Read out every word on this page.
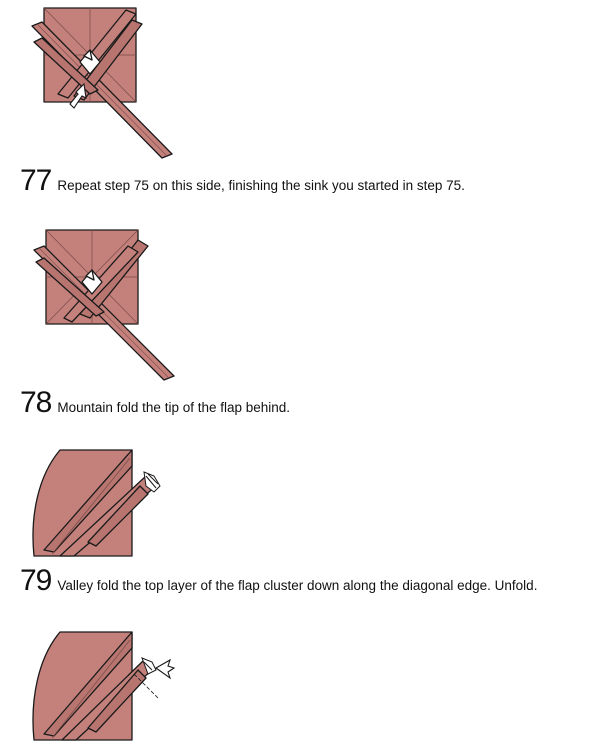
77 Repeat step 75 on this side, finishing the sink you started in step 75.
78 Mountain fold the tip of the flap behind.
79 Valley fold the top layer of the flap cluster down along the diagonal edge. Unfold.
